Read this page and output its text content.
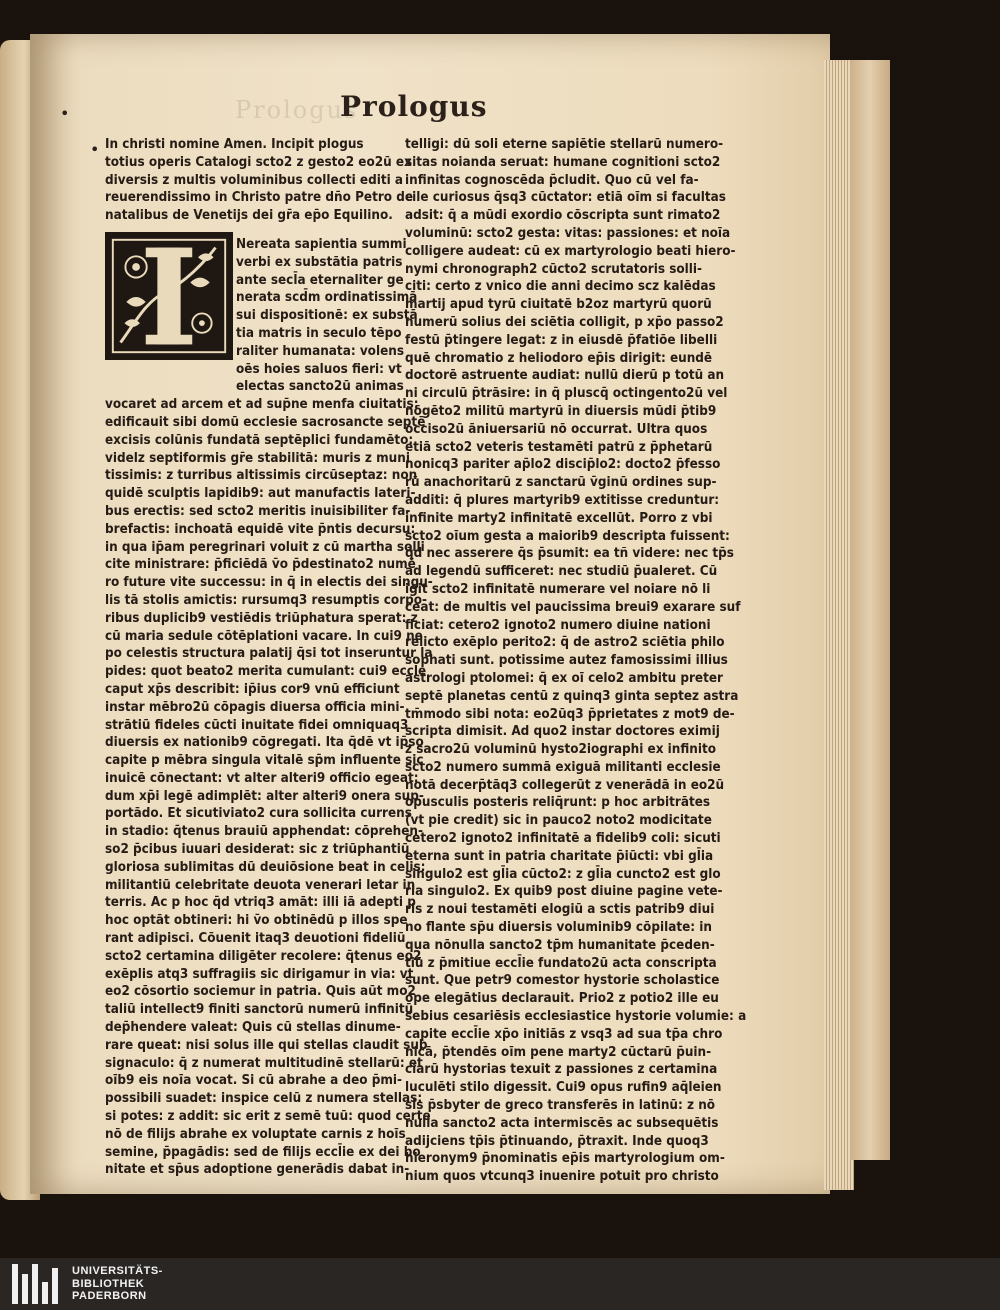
Prologus
Prologus
•
• In christi nomine Amen. Incipit plogus
totius operis Catalogi scto2 z gesto2 eo2ū ex
diversis z multis voluminibus collecti editi a
reuerendissimo in Christo patre dn̄o Petro de
natalibus de Venetijs dei gr̄a ep̄o Equilino.
Nereata sapientia summi
verbi ex substātia patris
ante secl̄a eternaliter ge
nerata scd̄m ordinatissimā
sui dispositionē: ex substā
tia matris in seculo tēpo
raliter humanata: volens
oēs hoies saluos fieri: vt
electas sancto2ū animas
vocaret ad arcem et ad sup̄ne menfa ciuitatis:
edificauit sibi domū ecclesie sacrosancte septē
excisis colūnis fundatā septēplici fundamēto:
videlz septiformis gr̄e stabilitā: muris z muni
tissimis: z turribus altissimis circūseptaz: non
quidē sculptis lapidib9: aut manufactis lateri-
bus erectis: sed scto2 meritis inuisibiliter fa-
brefactis: inchoatā equidē vite p̄ntis decursu:
in qua ip̄am peregrinari voluit z cū martha solli
cite ministrare: p̄ficiēdā v̄o p̄destinato2 numē
ro future vite successu: in q̄ in electis dei singu-
lis tā stolis amictis: rursumq3 resumptis corpo-
ribus duplicib9 vestiēdis triūphatura sperat: z
cū maria sedule cōtēplationi vacare. In cui9 ne
po celestis structura palatij q̄si tot inseruntur la
pides: quot beato2 merita cumulant: cui9 eccl̄e
caput xp̄s describit: ip̄ius cor9 vnū efficiunt
instar mēbro2ū cōpagis diuersa officia mini-
strātiū fideles cūcti inuitate fidei omniquaq3
diuersis ex nationib9 cōgregati. Ita q̄dē vt ip̄so
capite p mēbra singula vitalē sp̄m influente sic
inuicē cōnectant: vt alter alteri9 officio egeat:
dum xp̄i legē adimplēt: alter alteri9 onera sup-
portādo. Et sicutiviato2 cura sollicita currens
in stadio: q̄tenus brauiū apphendat: cōprehen-
so2 p̄cibus iuuari desiderat: sic z triūphantiū
gloriosa sublimitas dū deuiōsione beat in celis:
militantiū celebritate deuota venerari letar in
terris. Ac p hoc q̄d vtriq3 amāt: illi iā adepti p
hoc optāt obtineri: hi v̄o obtinēdū p illos spe
rant adipisci. Cōuenit itaq3 deuotioni fideliū
scto2 certamina diligēter recolere: q̄tenus eo2
exēplis atq3 suffragiis sic dirigamur in via: vt
eo2 cōsortio sociemur in patria. Quis aūt mo2
taliū intellect9 finiti sanctorū numerū infinitū
dep̄hendere valeat: Quis cū stellas dinume-
rare queat: nisi solus ille qui stellas claudit sub
signaculo: q̄ z numerat multitudinē stellarū: et
oīb9 eis noīa vocat. Si cū abrahe a deo p̄mi-
possibili suadet: inspice celū z numera stellas:
si potes: z addit: sic erit z semē tuū: quod certe
nō de filijs abrahe ex voluptate carnis z hoīs
semine, p̄pagādis: sed de filijs eccl̄ie ex dei bo
nitate et sp̄us adoptione generādis dabat in-
telligi: dū soli eterne sapiētie stellarū numero-
sitas noianda seruat: humane cognitioni scto2
infinitas cognoscēda p̄cludit. Quo cū vel fa-
cile curiosus q̄sq3 cūctator: etiā oīm si facultas
adsit: q̄ a mūdi exordio cōscripta sunt rimato2
voluminū: scto2 gesta: vitas: passiones: et noīa
colligere audeat: cū ex martyrologio beati hiero-
nymi chronograph2 cūcto2 scrutatoris solli-
citi: certo z vnico die anni decimo scz kalēdas
martij apud tyrū ciuitatē b2oz martyrū quorū
numerū solius dei sciētia colligit, p xp̄o passo2
festū p̄tingere legat: z in eiusdē p̄fatiōe libelli
quē chromatio z heliodoro ep̄is dirigit: eundē
doctorē astruente audiat: nullū dierū p totū an
ni circulū p̄trāsire: in q̄ pluscq̄ octingento2ū vel
nōgēto2 militū martyrū in diuersis mūdi p̄tib9
occiso2ū āniuersariū nō occurrat. Ultra quos
etiā scto2 veteris testamēti patrū z p̄phetarū
nonicq3 pariter ap̄lo2 discip̄lo2: docto2 p̄fesso
rū anachoritarū z sanctarū v̄ginū ordines sup-
additi: q̄ plures martyrib9 extitisse creduntur:
infinite marty2 infinitatē excellūt. Porro z vbi
scto2 oīum gesta a maiorib9 descripta fuissent:
q̄d nec asserere q̄s p̄sumit: ea tñ videre: nec tp̄s
ad legendū sufficeret: nec studiū p̄ualeret. Cū
igit scto2 infinitatē numerare vel noiare nō li
ceat: de multis vel paucissima breui9 exarare suf
ficiat: cetero2 ignoto2 numero diuine nationi
relicto exēplo perito2: q̄ de astro2 sciētia philo
sophati sunt. potissime autez famosissimi illius
astrologi ptolomei: q̄ ex oī celo2 ambitu preter
septē planetas centū z quinq3 ginta septez astra
tm̄modo sibi nota: eo2ūq3 p̄prietates z mot9 de-
scripta dimisit. Ad quo2 instar doctores eximij
z sacro2ū voluminū hysto2iographi ex infinito
scto2 numero summā exiguā militanti ecclesie
notā decerp̄tāq3 collegerūt z venerādā in eo2ū
opusculis posteris reliq̄runt: p hoc arbitrātes
(vt pie credit) sic in pauco2 noto2 modicitate
cetero2 ignoto2 infinitatē a fidelib9 coli: sicuti
eterna sunt in patria charitate p̄iūcti: vbi gl̄ia
singulo2 est gl̄ia cūcto2: z gl̄ia cuncto2 est glo
ria singulo2. Ex quib9 post diuine pagine vete-
ris z noui testamēti elogiū a sctis patrib9 diui
no flante sp̄u diuersis voluminib9 cōpilate: in
qua nōnulla sancto2 tp̄m humanitate p̄ceden-
tiū z p̄mitiue eccl̄ie fundato2ū acta conscripta
sunt. Que petr9 comestor hystorie scholastice
ope elegātius declarauit. Prio2 z potio2 ille eu
sebius cesariēsis ecclesiastice hystorie volumi̇e: a
capite eccl̄ie xp̄o initiās z vsq3 ad sua tp̄a chro
nicā, p̄tendēs oīm pene marty2 cūctarū p̄uin-
ciarū hystorias texuit z passiones z certamina
luculēti stilo digessit. Cui9 opus rufin9 aq̄leien
sis p̄sbyter de greco transferēs in latinū: z nō
nulla sancto2 acta intermiscēs ac subsequētis
adijciens tp̄is p̄tinuando, p̄traxit. Inde quoq3
hieronym9 p̄nominatis ep̄is martyrologium om-
nium quos vtcunq3 inuenire potuit pro christo
UNIVERSITÄTS-
BIBLIOTHEK
PADERBORN
